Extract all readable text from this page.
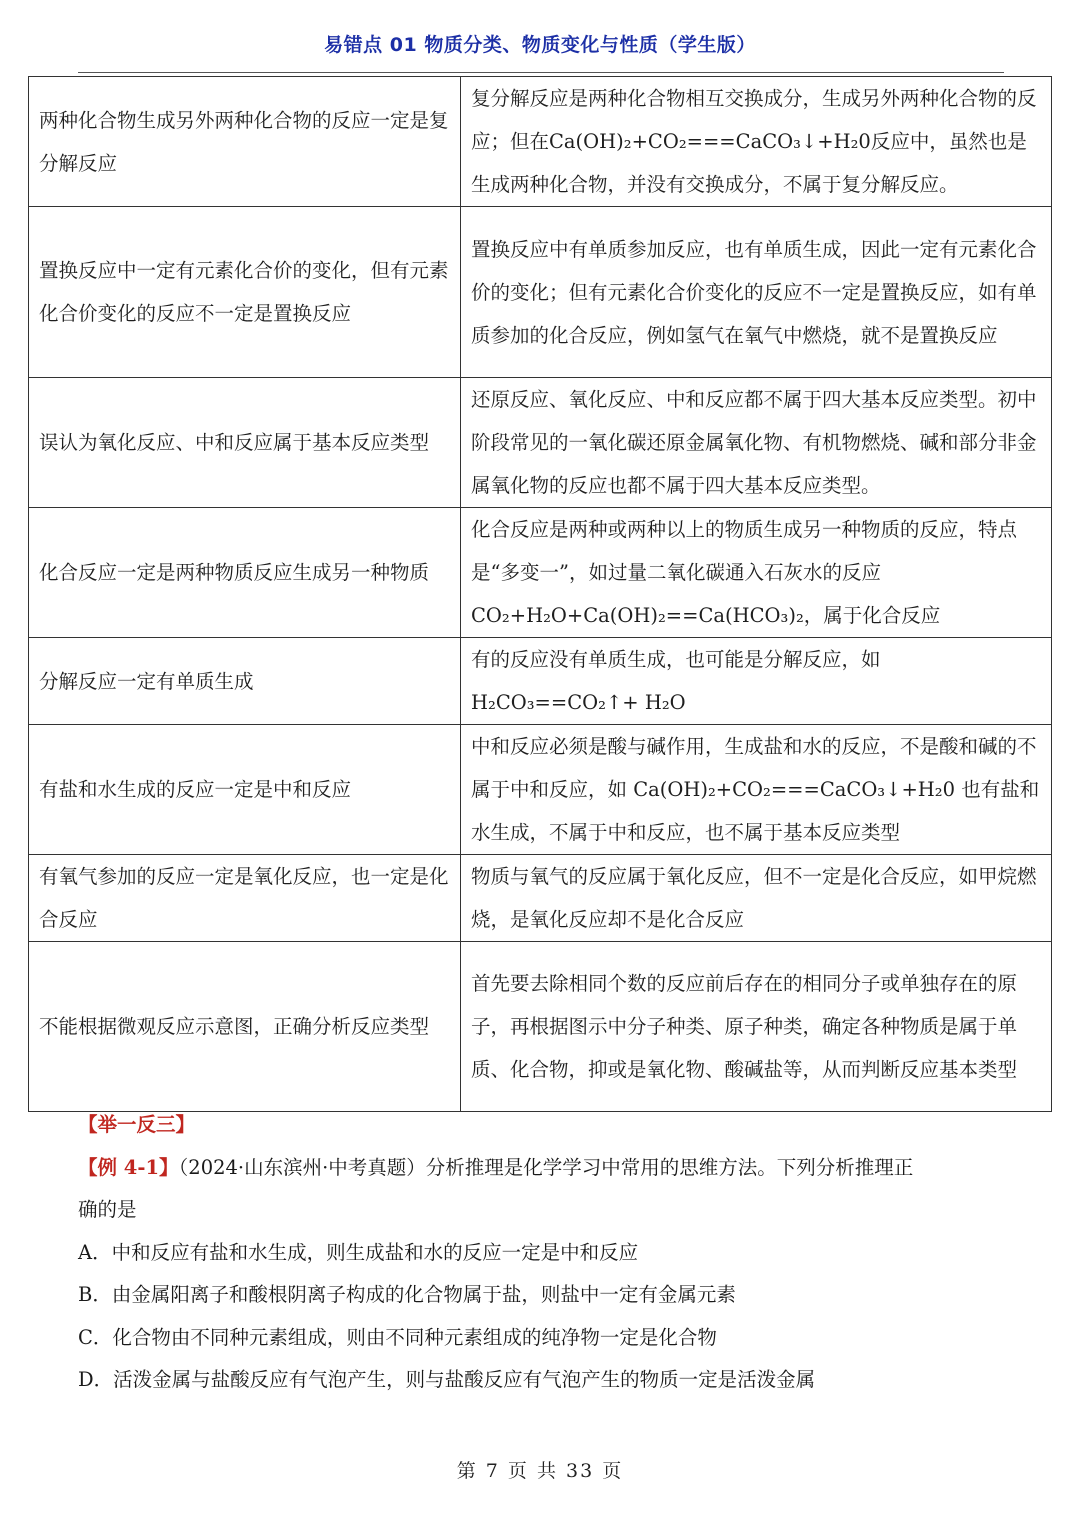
易错点 01 物质分类、物质变化与性质（学生版）
两种化合物生成另外两种化合物的反应一定是复分解反应	复分解反应是两种化合物相互交换成分，生成另外两种化合物的反应；但在Ca(OH)₂+CO₂===CaCO₃↓+H₂0反应中，虽然也是生成两种化合物，并没有交换成分，不属于复分解反应。
置换反应中一定有元素化合价的变化，但有元素化合价变化的反应不一定是置换反应	置换反应中有单质参加反应，也有单质生成，因此一定有元素化合价的变化；但有元素化合价变化的反应不一定是置换反应，如有单质参加的化合反应，例如氢气在氧气中燃烧，就不是置换反应
误认为氧化反应、中和反应属于基本反应类型	还原反应、氧化反应、中和反应都不属于四大基本反应类型。初中阶段常见的一氧化碳还原金属氧化物、有机物燃烧、碱和部分非金属氧化物的反应也都不属于四大基本反应类型。
化合反应一定是两种物质反应生成另一种物质	化合反应是两种或两种以上的物质生成另一种物质的反应，特点是“多变一”，如过量二氧化碳通入石灰水的反应CO₂+H₂O+Ca(OH)₂==Ca(HCO₃)₂，属于化合反应
分解反应一定有单质生成	有的反应没有单质生成，也可能是分解反应，如 H₂CO₃==CO₂↑+ H₂O
有盐和水生成的反应一定是中和反应	中和反应必须是酸与碱作用，生成盐和水的反应，不是酸和碱的不属于中和反应，如 Ca(OH)₂+CO₂===CaCO₃↓+H₂0 也有盐和水生成，不属于中和反应，也不属于基本反应类型
有氧气参加的反应一定是氧化反应，也一定是化合反应	物质与氧气的反应属于氧化反应，但不一定是化合反应，如甲烷燃烧，是氧化反应却不是化合反应
不能根据微观反应示意图，正确分析反应类型	首先要去除相同个数的反应前后存在的相同分子或单独存在的原子，再根据图示中分子种类、原子种类，确定各种物质是属于单质、化合物，抑或是氧化物、酸碱盐等，从而判断反应基本类型
【举一反三】
【例 4-1】（2024·山东滨州·中考真题）分析推理是化学学习中常用的思维方法。下列分析推理正
确的是
A．中和反应有盐和水生成，则生成盐和水的反应一定是中和反应
B．由金属阳离子和酸根阴离子构成的化合物属于盐，则盐中一定有金属元素
C．化合物由不同种元素组成，则由不同种元素组成的纯净物一定是化合物
D．活泼金属与盐酸反应有气泡产生，则与盐酸反应有气泡产生的物质一定是活泼金属
第 7 页 共 33 页
